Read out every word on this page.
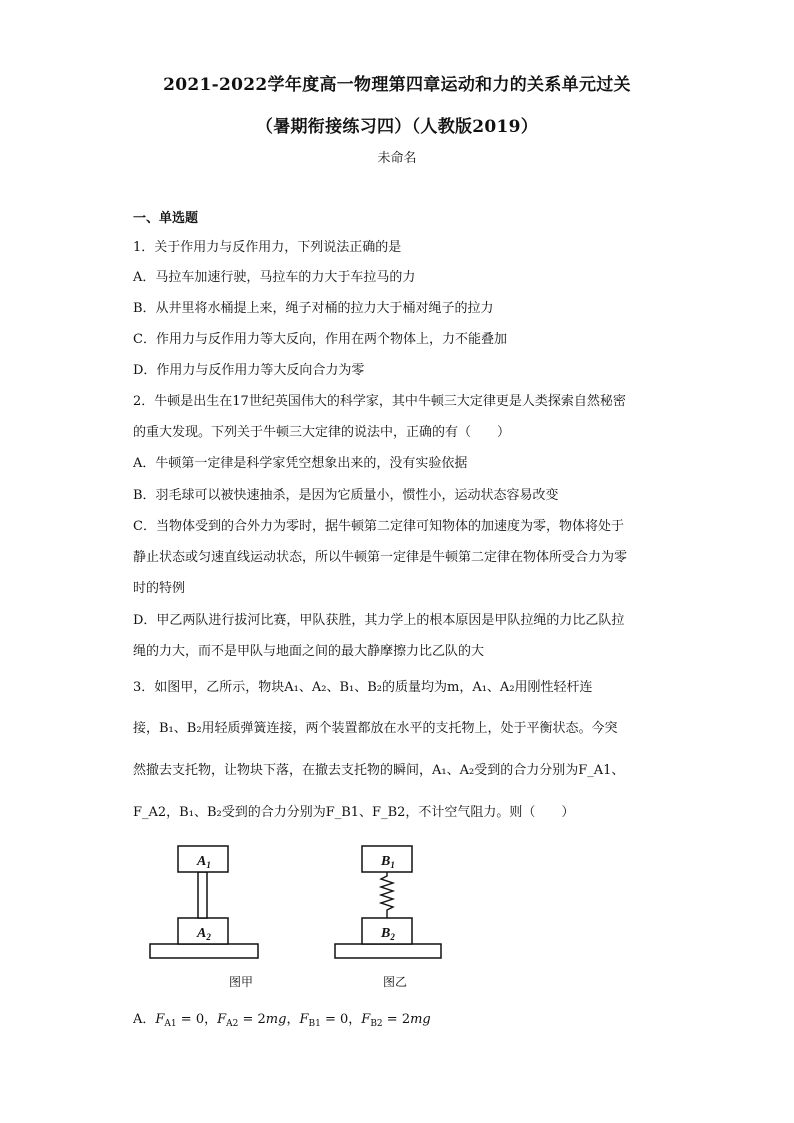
2021-2022学年度高一物理第四章运动和力的关系单元过关
（暑期衔接练习四）（人教版2019）
未命名
一、单选题
1．关于作用力与反作用力，下列说法正确的是
A．马拉车加速行驶，马拉车的力大于车拉马的力
B．从井里将水桶提上来，绳子对桶的拉力大于桶对绳子的拉力
C．作用力与反作用力等大反向，作用在两个物体上，力不能叠加
D．作用力与反作用力等大反向合力为零
2．牛顿是出生在17世纪英国伟大的科学家，其中牛顿三大定律更是人类探索自然秘密
的重大发现。下列关于牛顿三大定律的说法中，正确的有（　　）
A．牛顿第一定律是科学家凭空想象出来的，没有实验依据
B．羽毛球可以被快速抽杀，是因为它质量小，惯性小，运动状态容易改变
C．当物体受到的合外力为零时，据牛顿第二定律可知物体的加速度为零，物体将处于
静止状态或匀速直线运动状态，所以牛顿第一定律是牛顿第二定律在物体所受合力为零
时的特例
D．甲乙两队进行拔河比赛，甲队获胜，其力学上的根本原因是甲队拉绳的力比乙队拉
绳的力大，而不是甲队与地面之间的最大静摩擦力比乙队的大
3．如图甲，乙所示，物块A₁、A₂、B₁、B₂的质量均为m，A₁、A₂用刚性轻杆连
接，B₁、B₂用轻质弹簧连接，两个装置都放在水平的支托物上，处于平衡状态。今突
然撤去支托物，让物块下落，在撤去支托物的瞬间，A₁、A₂受到的合力分别为F_A1、
F_A2，B₁、B₂受到的合力分别为F_B1、F_B2，不计空气阻力。则（　　）
$A_1$
$A_2$
$B_1$
$B_2$
图甲	图乙
A．$F_{A1} = 0$，$F_{A2} = 2mg$，$F_{B1} = 0$，$F_{B2} = 2mg$
